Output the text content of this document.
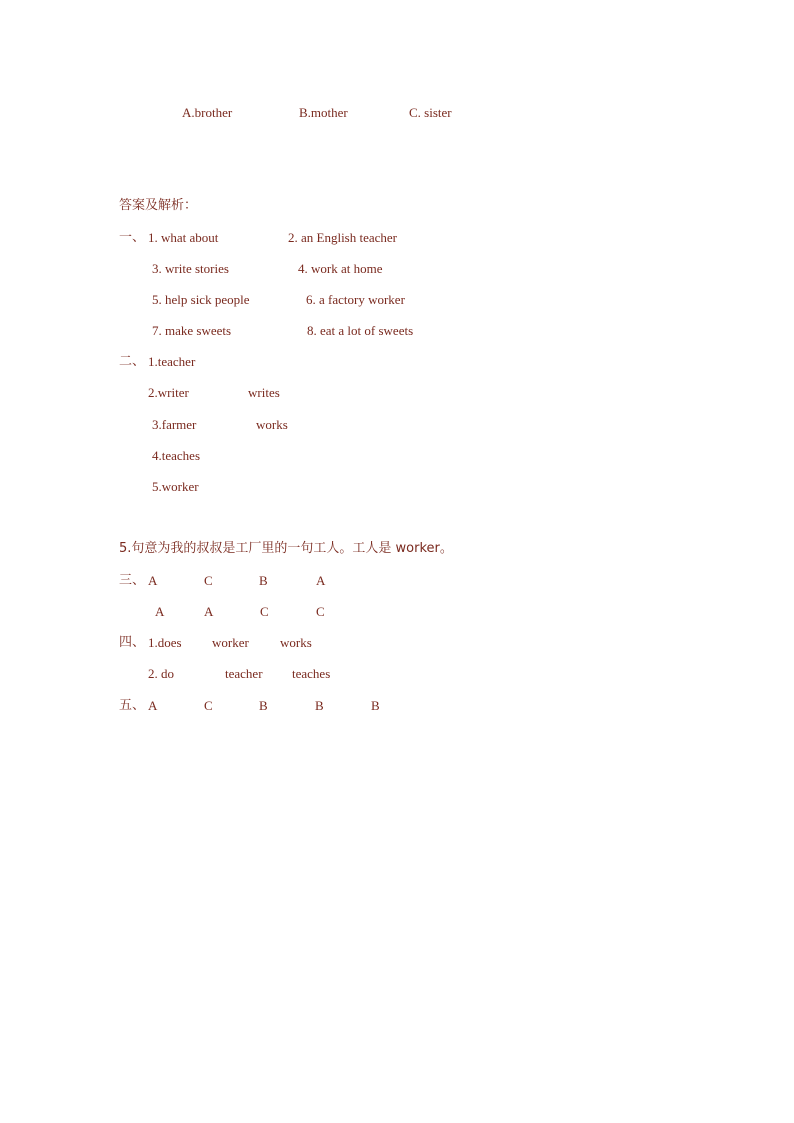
A.brother	B.mother	C. sister
答案及解析：
一、 1. what about	2. an English teacher
3. write stories	4. work at home
5. help sick people	6. a factory worker
7. make sweets	8. eat a lot of sweets
二、 1.teacher
2.writer	writes
3.farmer	works
4.teaches
5.worker
5.句意为我的叔叔是工厂里的一句工人。工人是 worker。
三、 A	C	B	A
A	A	C	C
四、 1.does worker works
2. do	teacher teaches
五、 A	C	B	B	B
